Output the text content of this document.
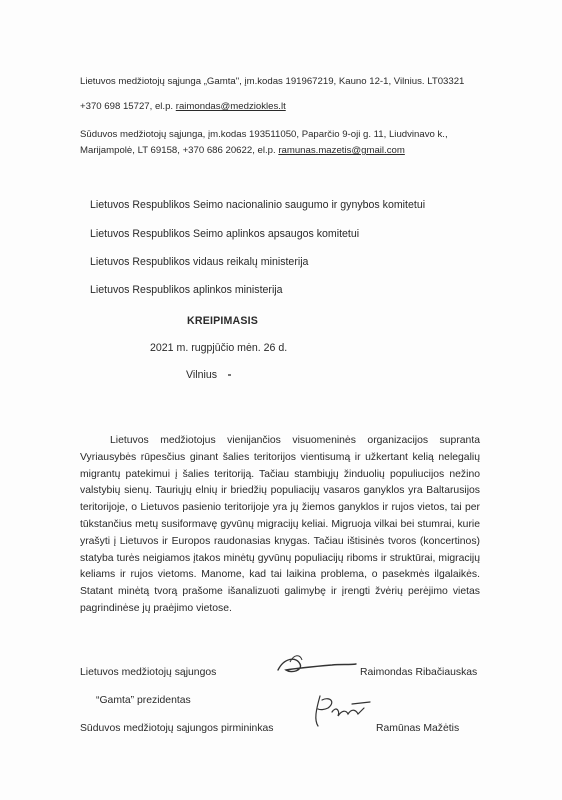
Lietuvos medžiotojų sąjunga „Gamta", įm.kodas 191967219, Kauno 12-1, Vilnius. LT03321
+370 698 15727, el.p. raimondas@medziokles.lt
Sūduvos medžiotojų sąjunga, įm.kodas 193511050, Paparčio 9-oji g. 11, Liudvinavo k.,
Marijampolė, LT 69158, +370 686 20622, el.p. ramunas.mazetis@gmail.com
Lietuvos Respublikos Seimo nacionalinio saugumo ir gynybos komitetui
Lietuvos Respublikos Seimo aplinkos apsaugos komitetui
Lietuvos Respublikos vidaus reikalų ministerija
Lietuvos Respublikos aplinkos ministerija
KREIPIMASIS
2021 m. rugpjūčio mėn. 26 d.
Vilnius

Lietuvos medžiotojus vienijančios visuomeninės organizacijos supranta Vyriausybės rūpesčius ginant šalies teritorijos vientisumą ir užkertant kelią nelegalių migrantų patekimui į šalies teritoriją. Tačiau stambiųjų žinduolių populiucijos nežino valstybių sienų. Tauriųjų elnių ir briedžių populiacijų vasaros ganyklos yra Baltarusijos teritorijoje, o Lietuvos pasienio teritorijoje yra jų žiemos ganyklos ir rujos vietos, tai per tūkstančius metų susiformavę gyvūnų migracijų keliai. Migruoja vilkai bei stumrai, kurie yrašyti į Lietuvos ir Europos raudonasias knygas. Tačiau ištisinės tvoros (koncertinos) statyba turės neigiamos įtakos minėtų gyvūnų populiacijų riboms ir struktūrai, migracijų keliams ir rujos vietoms. Manome, kad tai laikina problema, o pasekmės ilgalaikės. Statant minėtą tvorą prašome išanalizuoti galimybę ir įrengti žvėrių perėjimo vietas pagrindinėse jų praėjimo vietose.

Lietuvos medžiotojų sąjungos
“Gamta” prezidentas
Raimondas Ribačiauskas
Sūduvos medžiotojų sąjungos pirmininkas	Ramūnas Mažėtis
